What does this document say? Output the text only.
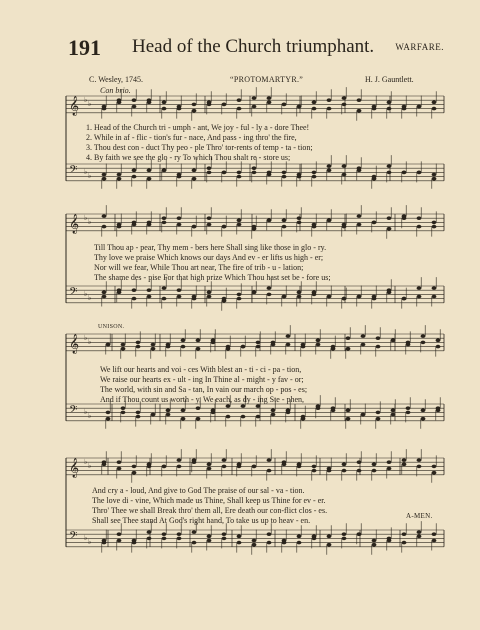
191 Head of the Church triumphant. WARFARE.
C. Wesley, 1745.	“PROTOMARTYR.”	H. J. Gauntlett.
Con brio.
UNISON.
A-MEN.
1. Head of the Church tri - umph - ant, We joy - ful - ly a - dore Thee!
2. While in af - flic - tion's fur - nace, And pass - ing thro' the fire,
3. Thou dest con - duct Thy peo - ple Thro' tor-rents of temp - ta - tion;
4. By faith we see the glo - ry To which Thou shalt re - store us;
Till Thou ap - pear, Thy mem - bers here Shall sing like those in glo - ry.
Thy love we praise Which knows our days And ev - er lifts us high - er;
Nor will we fear, While Thou art near, The fire of trib - u - lation;
The shame des - pise For that high prize Which Thou hast set be - fore us;
We lift our hearts and voi - ces With blest an - ti - ci - pa - tion,
We raise our hearts ex - ult - ing In Thine al - might - y fav - or;
The world, with sin and Sa - tan, In vain our march op - pos - es;
And if Thou count us worth - y, We each, as dy - ing Ste - phen,
And cry a - loud, And give to God The praise of our sal - va - tion.
The love di - vine, Which made us Thine, Shall keep us Thine for ev - er.
Thro' Thee we shall Break thro' them all, Ere death our con-flict clos - es.
Shall see Thee stand At God's right hand, To take us up to heav - en.
𝄞 ♭ ♭
𝄢 ♭ ♭
𝄞 ♭ ♭
𝄢 ♭ ♭
𝄞 ♭ ♭
𝄢 ♭ ♭
𝄞 ♭ ♭
𝄢 ♭ ♭
